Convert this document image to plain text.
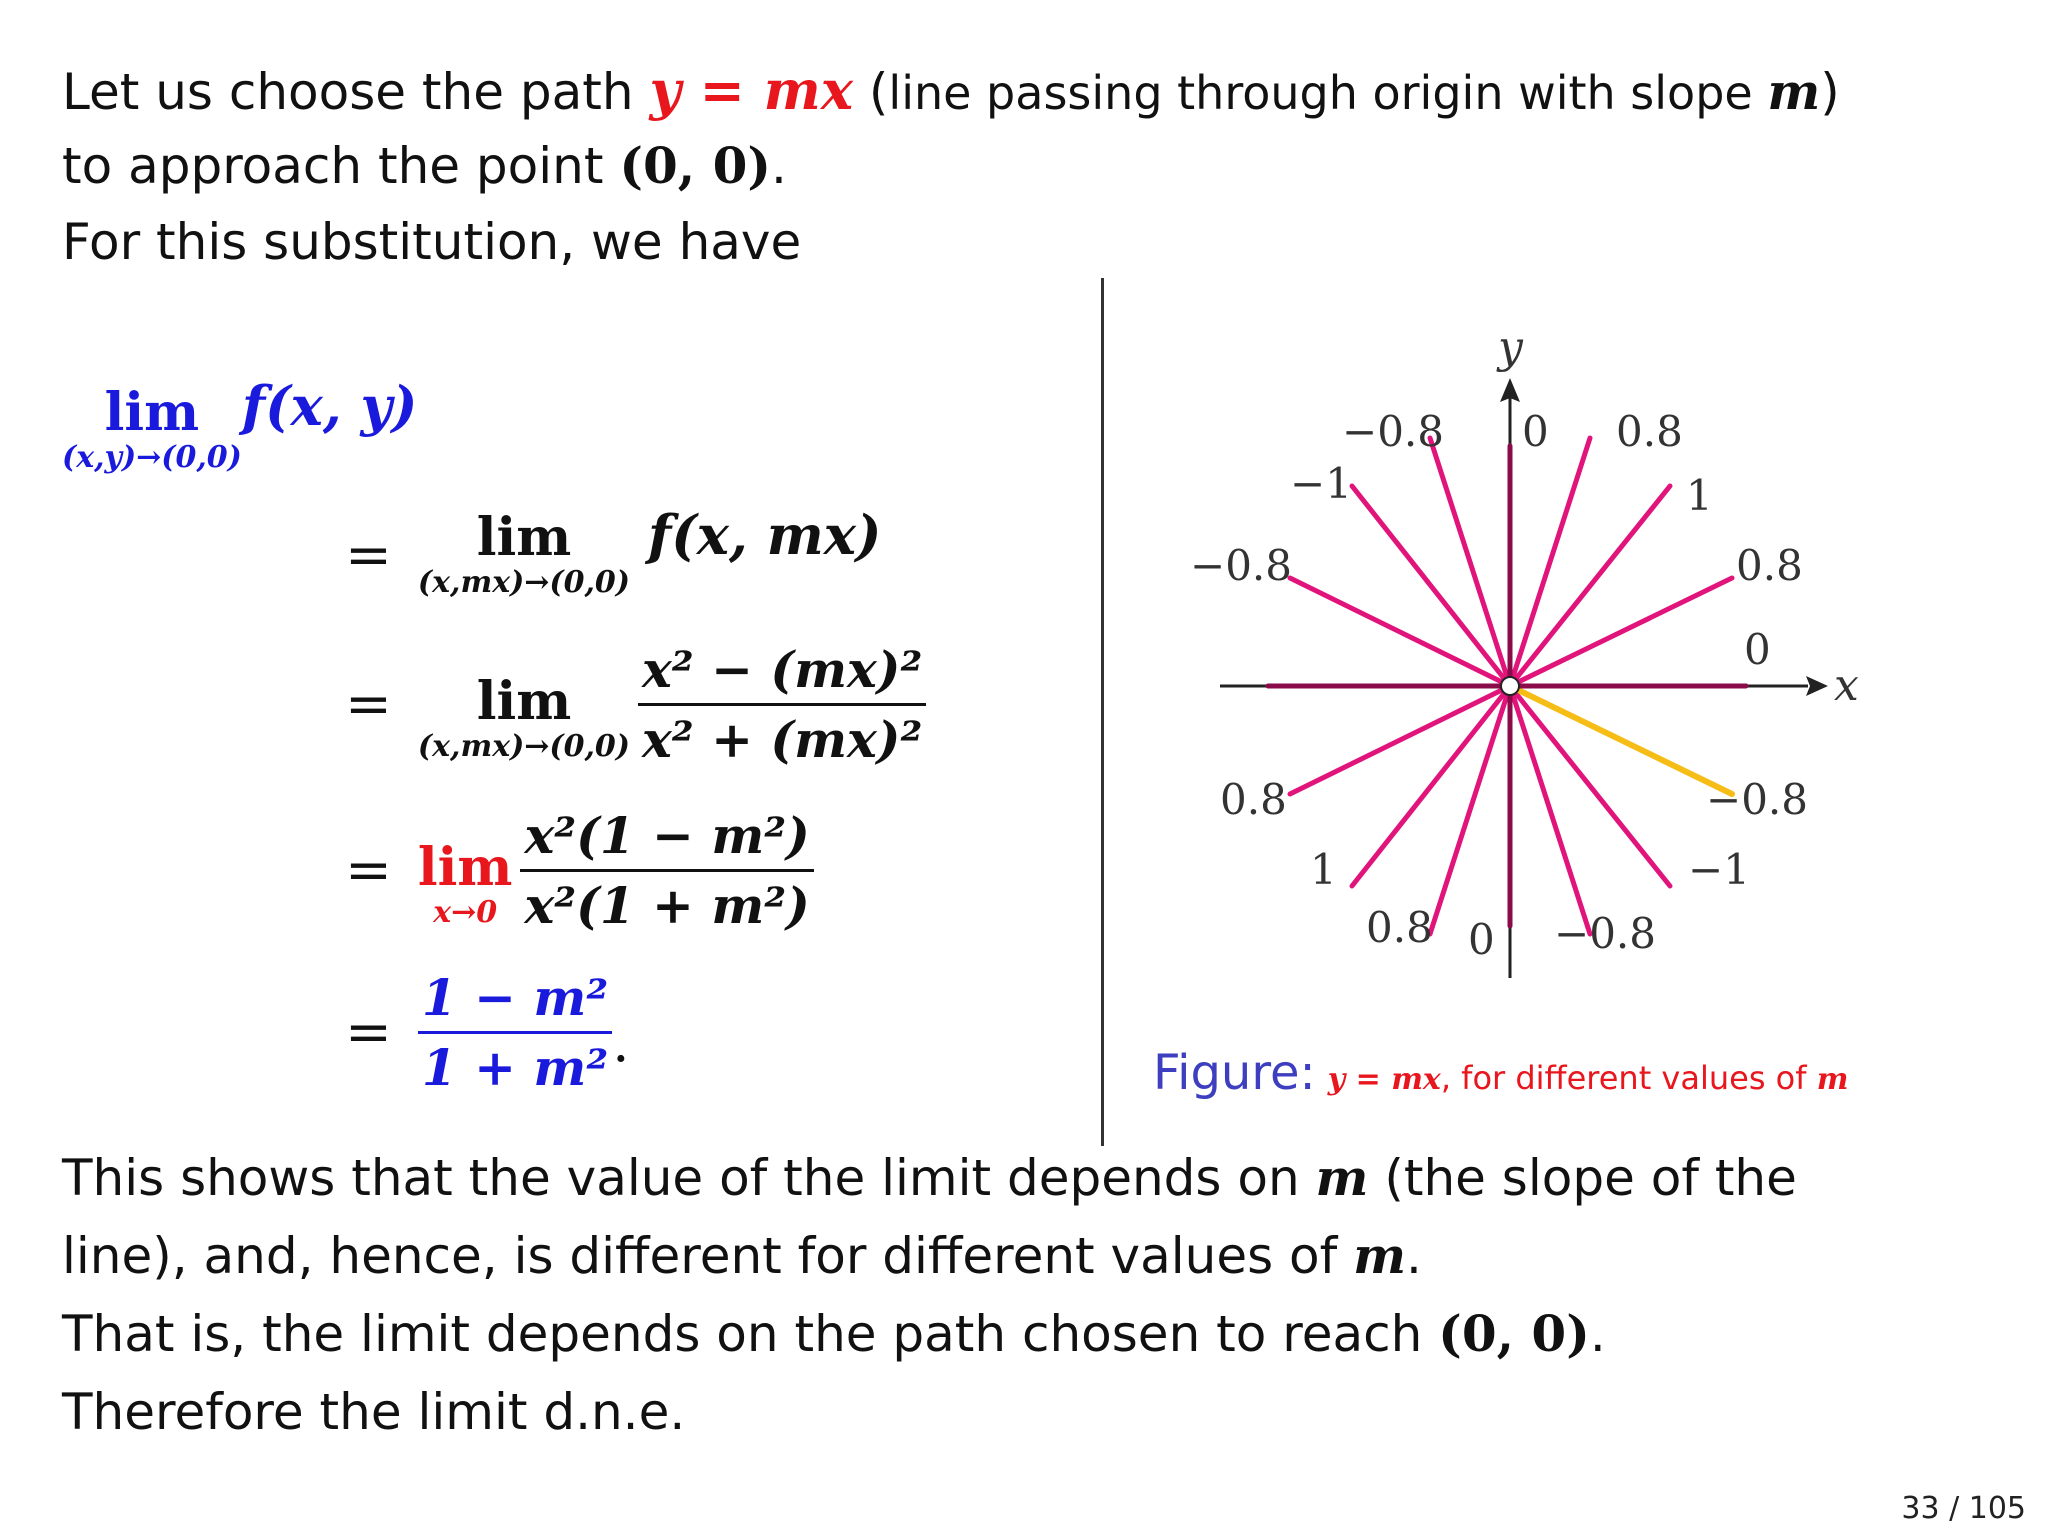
Let us choose the path y = mx (line passing through origin with slope m)
to approach the point (0, 0).
For this substitution, we have
lim
(x,y)→(0,0)
f(x, y)
=	lim
(x,mx)→(0,0)
f(x, mx)
=	lim
(x,mx)→(0,0)
$\frac{\text{x² − (mx)²}}{\text{x² + (mx)²}}$
= lim
x→0
$\frac{\text{x²(1 − m²)}}{\text{x²(1 + m²)}}$
= $\frac{\text{1 − m²}}{\text{1 + m²}}$ .
y
x
−0.8 0 0.8
−1	1
−0.8	0.8
0
0.8	−0.8
1	−1
0.8 0 −0.8
Figure: y = mx, for different values of m
This shows that the value of the limit depends on m (the slope of the
line), and, hence, is different for different values of m.
That is, the limit depends on the path chosen to reach (0, 0).
Therefore the limit d.n.e.
33 / 105
